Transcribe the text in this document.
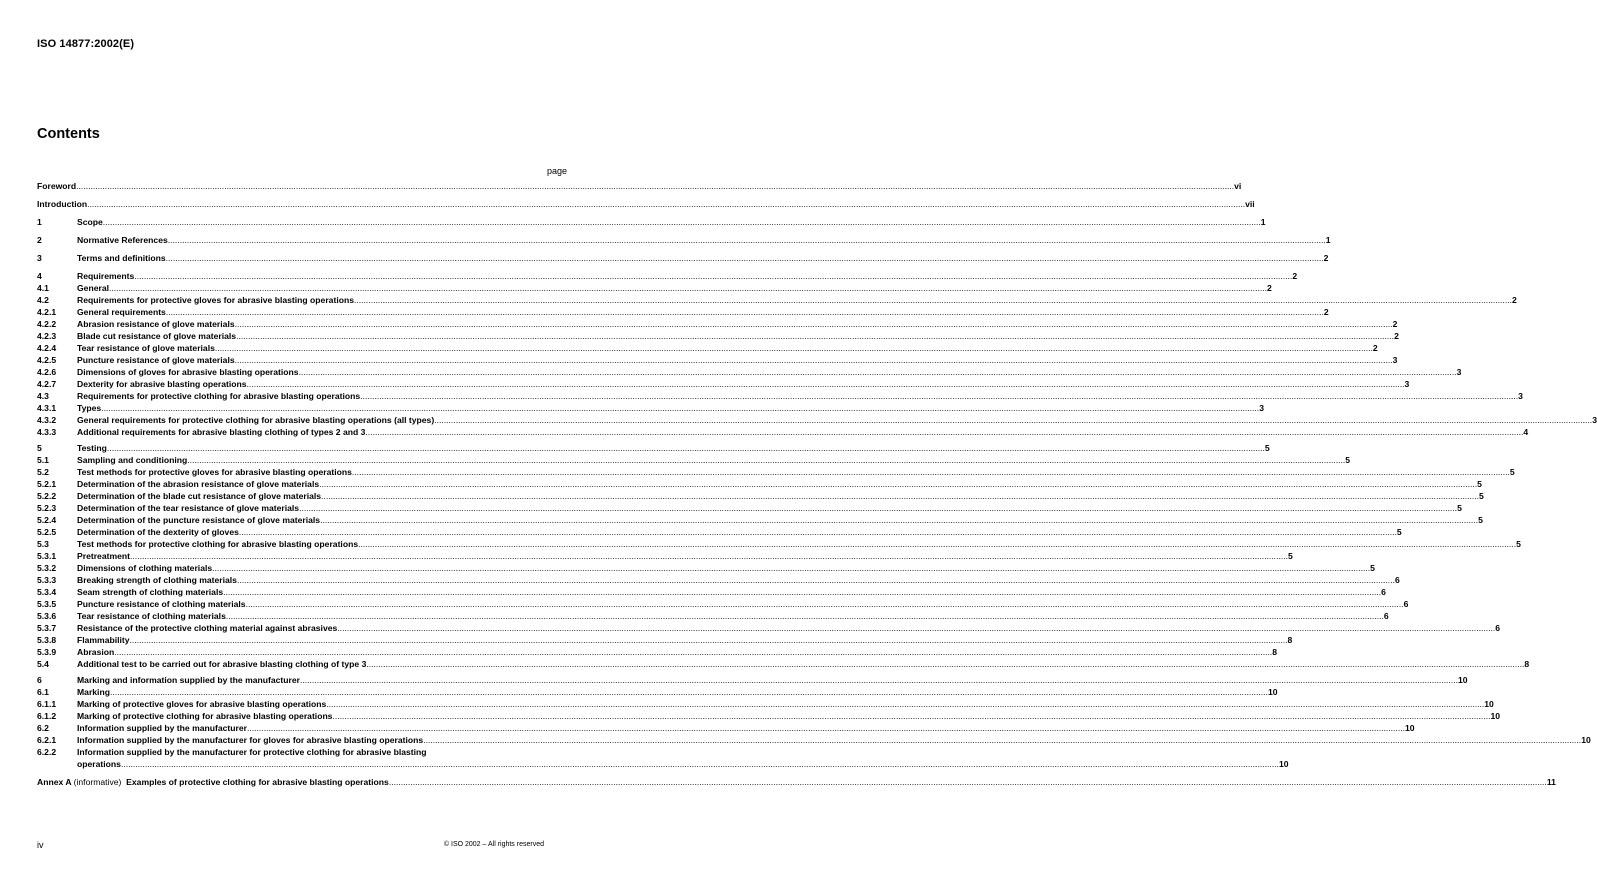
ISO 14877:2002(E)
Contents
page
Foreword .....	vi
Introduction .....	vii
1	Scope .....	1
2	Normative References .....	1
3	Terms and definitions .....	2
4	Requirements .....	2
4.1	General .....	2
4.2	Requirements for protective gloves for abrasive blasting operations .....	2
4.2.1	General requirements .....	2
4.2.2	Abrasion resistance of glove materials .....	2
4.2.3	Blade cut resistance of glove materials .....	2
4.2.4	Tear resistance of glove materials .....	2
4.2.5	Puncture resistance of glove materials .....	3
4.2.6	Dimensions of gloves for abrasive blasting operations .....	3
4.2.7	Dexterity for abrasive blasting operations .....	3
4.3	Requirements for protective clothing for abrasive blasting operations .....	3
4.3.1	Types .....	3
4.3.2	General requirements for protective clothing for abrasive blasting operations (all types) .....	3
4.3.3	Additional requirements for abrasive blasting clothing of types 2 and 3 .....	4
5	Testing .....	5
5.1	Sampling and conditioning .....	5
5.2	Test methods for protective gloves for abrasive blasting operations .....	5
5.2.1	Determination of the abrasion resistance of glove materials .....	5
5.2.2	Determination of the blade cut resistance of glove materials .....	5
5.2.3	Determination of the tear resistance of glove materials .....	5
5.2.4	Determination of the puncture resistance of glove materials .....	5
5.2.5	Determination of the dexterity of gloves .....	5
5.3	Test methods for protective clothing for abrasive blasting operations .....	5
5.3.1	Pretreatment .....	5
5.3.2	Dimensions of clothing materials .....	5
5.3.3	Breaking strength of clothing materials .....	6
5.3.4	Seam strength of clothing materials .....	6
5.3.5	Puncture resistance of clothing materials .....	6
5.3.6	Tear resistance of clothing materials .....	6
5.3.7	Resistance of the protective clothing material against abrasives .....	6
5.3.8	Flammability .....	8
5.3.9	Abrasion .....	8
5.4	Additional test to be carried out for abrasive blasting clothing of type 3 .....	8
6	Marking and information supplied by the manufacturer .....	10
6.1	Marking .....	10
6.1.1	Marking of protective gloves for abrasive blasting operations .....	10
6.1.2	Marking of protective clothing for abrasive blasting operations .....	10
6.2	Information supplied by the manufacturer .....	10
6.2.1	Information supplied by the manufacturer for gloves for abrasive blasting operations .....	10
6.2.2	Information supplied by the manufacturer for protective clothing for abrasive blasting
operations .....	10
Annex A (informative) Examples of protective clothing for abrasive blasting operations .....	11
iv	© ISO 2002 – All rights reserved
